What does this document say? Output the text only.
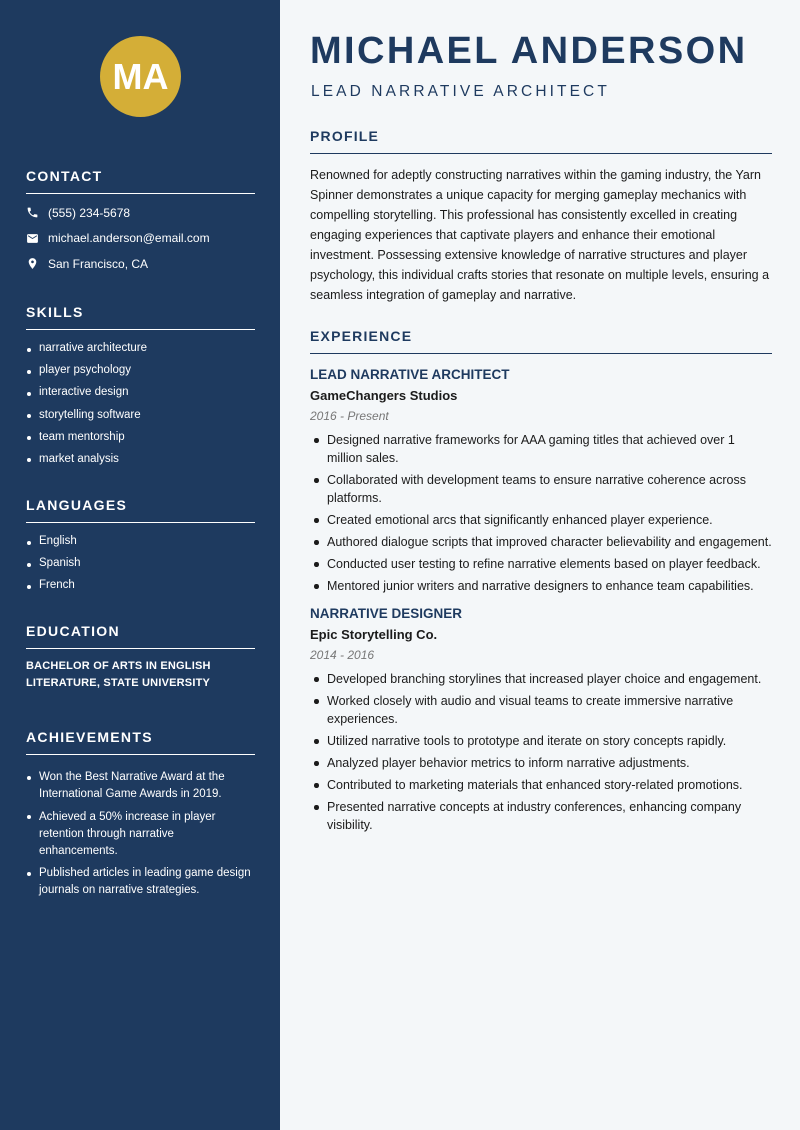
MA
CONTACT
(555) 234-5678
michael.anderson@email.com
San Francisco, CA
SKILLS
narrative architecture
player psychology
interactive design
storytelling software
team mentorship
market analysis
LANGUAGES
English
Spanish
French
EDUCATION
BACHELOR OF ARTS IN ENGLISH LITERATURE, STATE UNIVERSITY
ACHIEVEMENTS
Won the Best Narrative Award at the International Game Awards in 2019.
Achieved a 50% increase in player retention through narrative enhancements.
Published articles in leading game design journals on narrative strategies.
MICHAEL ANDERSON
LEAD NARRATIVE ARCHITECT
PROFILE

Renowned for adeptly constructing narratives within the gaming industry, the Yarn Spinner demonstrates a unique capacity for merging gameplay mechanics with compelling storytelling. This professional has consistently excelled in creating engaging experiences that captivate players and enhance their emotional investment. Possessing extensive knowledge of narrative structures and player psychology, this individual crafts stories that resonate on multiple levels, ensuring a seamless integration of gameplay and narrative.

EXPERIENCE
LEAD NARRATIVE ARCHITECT
GameChangers Studios
2016 - Present
Designed narrative frameworks for AAA gaming titles that achieved over 1 million sales.
Collaborated with development teams to ensure narrative coherence across platforms.
Created emotional arcs that significantly enhanced player experience.
Authored dialogue scripts that improved character believability and engagement.
Conducted user testing to refine narrative elements based on player feedback.
Mentored junior writers and narrative designers to enhance team capabilities.
NARRATIVE DESIGNER
Epic Storytelling Co.
2014 - 2016
Developed branching storylines that increased player choice and engagement.
Worked closely with audio and visual teams to create immersive narrative experiences.
Utilized narrative tools to prototype and iterate on story concepts rapidly.
Analyzed player behavior metrics to inform narrative adjustments.
Contributed to marketing materials that enhanced story-related promotions.
Presented narrative concepts at industry conferences, enhancing company visibility.
